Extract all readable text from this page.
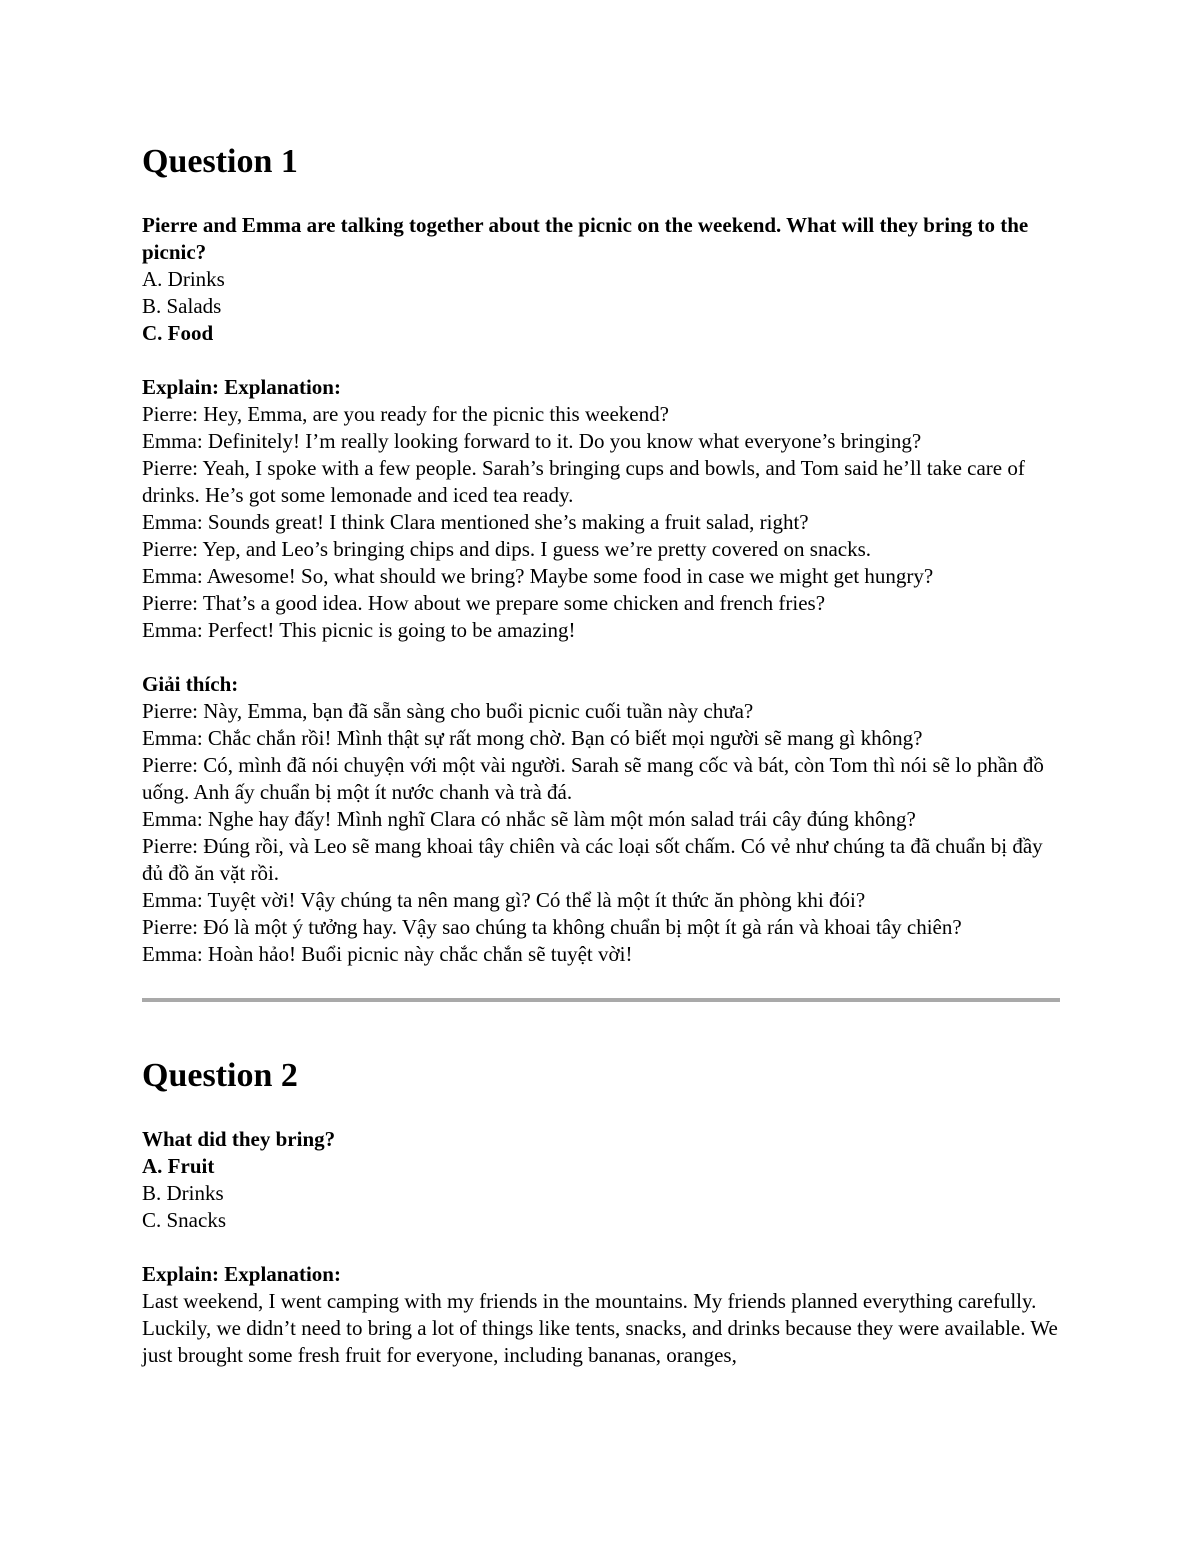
Question 1

Pierre and Emma are talking together about the picnic on the weekend. What will they bring to the picnic?

A. Drinks

B. Salads

C. Food

Explain: Explanation:

Pierre: Hey, Emma, are you ready for the picnic this weekend?

Emma: Definitely! I’m really looking forward to it. Do you know what everyone’s bringing?

Pierre: Yeah, I spoke with a few people. Sarah’s bringing cups and bowls, and Tom said he’ll take care of drinks. He’s got some lemonade and iced tea ready.

Emma: Sounds great! I think Clara mentioned she’s making a fruit salad, right?

Pierre: Yep, and Leo’s bringing chips and dips. I guess we’re pretty covered on snacks.

Emma: Awesome! So, what should we bring? Maybe some food in case we might get hungry?

Pierre: That’s a good idea. How about we prepare some chicken and french fries?

Emma: Perfect! This picnic is going to be amazing!

Giải thích:

Pierre: Này, Emma, bạn đã sẵn sàng cho buổi picnic cuối tuần này chưa?

Emma: Chắc chắn rồi! Mình thật sự rất mong chờ. Bạn có biết mọi người sẽ mang gì không?

Pierre: Có, mình đã nói chuyện với một vài người. Sarah sẽ mang cốc và bát, còn Tom thì nói sẽ lo phần đồ uống. Anh ấy chuẩn bị một ít nước chanh và trà đá.

Emma: Nghe hay đấy! Mình nghĩ Clara có nhắc sẽ làm một món salad trái cây đúng không?

Pierre: Đúng rồi, và Leo sẽ mang khoai tây chiên và các loại sốt chấm. Có vẻ như chúng ta đã chuẩn bị đầy đủ đồ ăn vặt rồi.

Emma: Tuyệt vời! Vậy chúng ta nên mang gì? Có thể là một ít thức ăn phòng khi đói?

Pierre: Đó là một ý tưởng hay. Vậy sao chúng ta không chuẩn bị một ít gà rán và khoai tây chiên?

Emma: Hoàn hảo! Buổi picnic này chắc chắn sẽ tuyệt vời!

Question 2

What did they bring?

A. Fruit

B. Drinks

C. Snacks

Explain: Explanation:

Last weekend, I went camping with my friends in the mountains. My friends planned everything carefully. Luckily, we didn’t need to bring a lot of things like tents, snacks, and drinks because they were available. We just brought some fresh fruit for everyone, including bananas, oranges,
